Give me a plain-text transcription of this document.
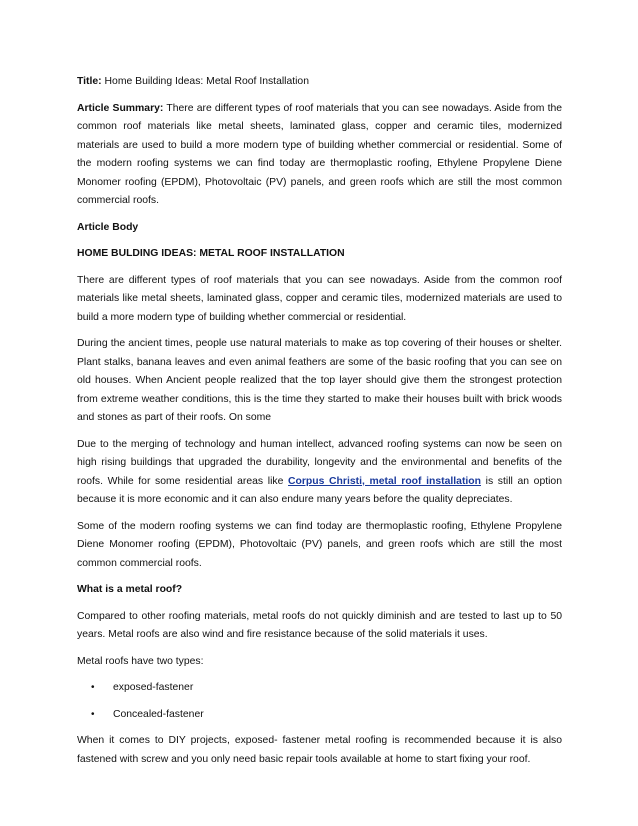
Title: Home Building Ideas: Metal Roof Installation

Article Summary: There are different types of roof materials that you can see nowadays. Aside from the common roof materials like metal sheets, laminated glass, copper and ceramic tiles, modernized materials are used to build a more modern type of building whether commercial or residential. Some of the modern roofing systems we can find today are thermoplastic roofing, Ethylene Propylene Diene Monomer roofing (EPDM), Photovoltaic (PV) panels, and green roofs which are still the most common commercial roofs.

Article Body

HOME BULDING IDEAS: METAL ROOF INSTALLATION

There are different types of roof materials that you can see nowadays. Aside from the common roof materials like metal sheets, laminated glass, copper and ceramic tiles, modernized materials are used to build a more modern type of building whether commercial or residential.

During the ancient times, people use natural materials to make as top covering of their houses or shelter. Plant stalks, banana leaves and even animal feathers are some of the basic roofing that you can see on old houses. When Ancient people realized that the top layer should give them the strongest protection from extreme weather conditions, this is the time they started to make their houses built with brick woods and stones as part of their roofs. On some

Due to the merging of technology and human intellect, advanced roofing systems can now be seen on high rising buildings that upgraded the durability, longevity and the environmental and benefits of the roofs. While for some residential areas like Corpus Christi, metal roof installation is still an option because it is more economic and it can also endure many years before the quality depreciates.

Some of the modern roofing systems we can find today are thermoplastic roofing, Ethylene Propylene Diene Monomer roofing (EPDM), Photovoltaic (PV) panels, and green roofs which are still the most common commercial roofs.

What is a metal roof?

Compared to other roofing materials, metal roofs do not quickly diminish and are tested to last up to 50 years. Metal roofs are also wind and fire resistance because of the solid materials it uses.

Metal roofs have two types:

• exposed-fastener
• Concealed-fastener

When it comes to DIY projects, exposed- fastener metal roofing is recommended because it is also fastened with screw and you only need basic repair tools available at home to start fixing your roof.
